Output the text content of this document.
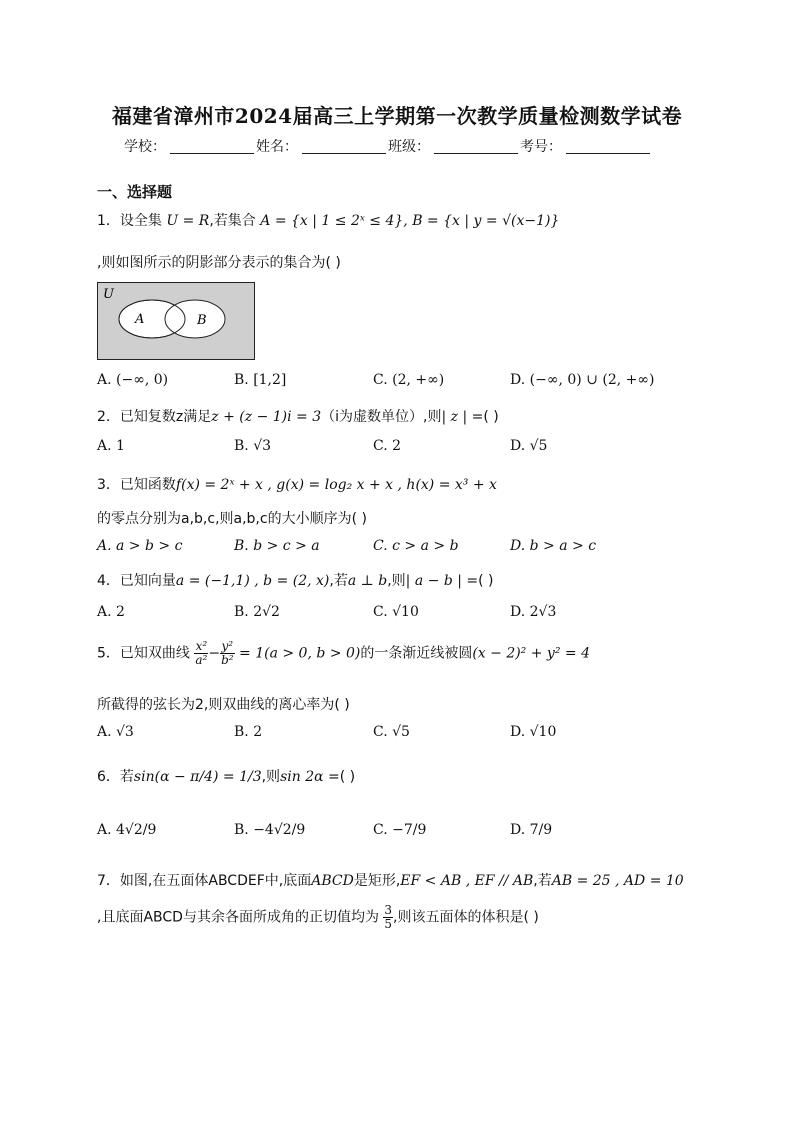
福建省漳州市2024届高三上学期第一次教学质量检测数学试卷
学校：	姓名：	班级：	考号：
一、选择题
1．设全集 U = R,若集合 A = {x | 1 ≤ 2ˣ ≤ 4}, B = {x | y = √(x−1)}
,则如图所示的阴影部分表示的集合为( )
U
A	B
A. (−∞, 0)	B. [1,2]	C. (2, +∞)	D. (−∞, 0) ∪ (2, +∞)
2．已知复数z满足z + (z − 1)i = 3（i为虚数单位）,则| z | =( )
A. 1	B. √3	C. 2	D. √5
3．已知函数f(x) = 2ˣ + x , g(x) = log₂ x + x , h(x) = x³ + x
的零点分别为a,b,c,则a,b,c的大小顺序为( )
A. a > b > c	B. b > c > a	C. c > a > b	D. b > a > c
4．已知向量a = (−1,1) , b = (2, x),若a ⊥ b,则| a − b | =( )
A. 2	B. 2√2	C. √10	D. 2√3
5．已知双曲线 $\frac{\text{x²}}{\text{a²}} - \frac{\text{y²}}{\text{b²}} = 1(a > 0$, b > 0)的一条渐近线被圆(x − 2)² + y² = 4
所截得的弦长为2,则双曲线的离心率为( )
A. √3	B. 2	C. √5	D. √10
6．若sin(α − π/4) = 1/3,则sin 2α =( )
A. 4√2/9	B. −4√2/9	C. −7/9	D. 7/9
7．如图,在五面体ABCDEF中,底面ABCD是矩形,EF < AB , EF // AB,若AB = 25 , AD = 10
,且底面ABCD与其余各面所成角的正切值均为 $\frac{3}{5}$ ,则该五面体的体积是( )
